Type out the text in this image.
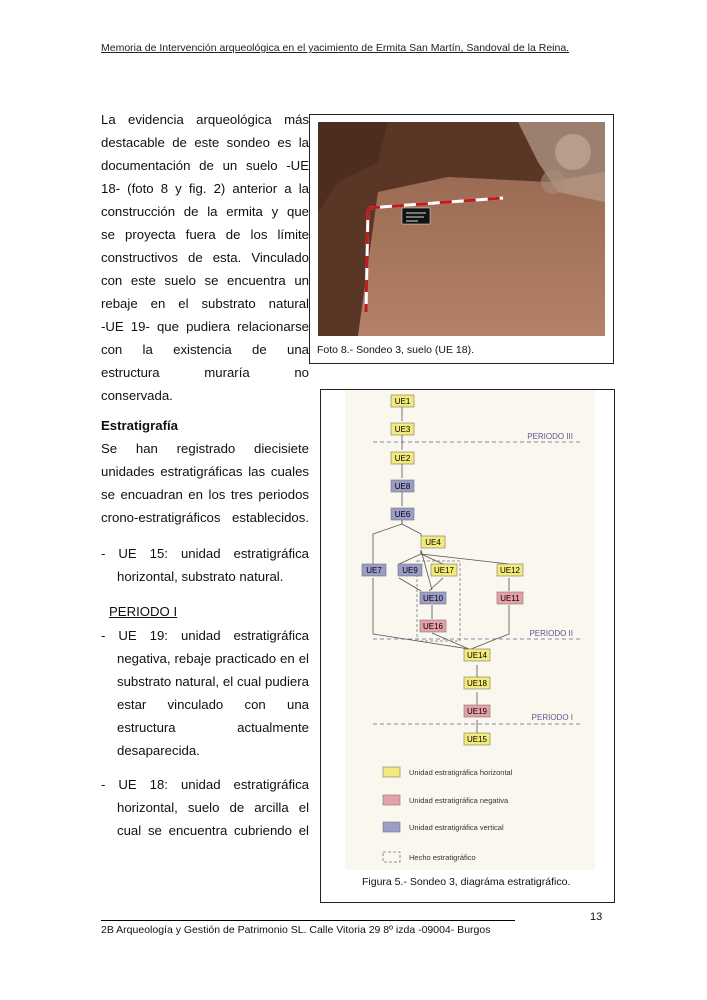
Memoria de Intervención arqueológica en el yacimiento de Ermita San Martín, Sandoval de la Reina.
La evidencia arqueológica más
destacable de este sondeo es la
documentación de un suelo -UE
18- (foto 8 y fig. 2) anterior a la
construcción de la ermita y que
se proyecta fuera de los límite
constructivos de esta. Vinculado
con este suelo se encuentra un
rebaje en el substrato natural
-UE 19- que pudiera relacionarse
con la existencia de una
estructura muraría no
conservada.
Estratigrafía
Se han registrado diecisiete
unidades estratigráficas las cuales
se encuadran en los tres periodos
crono-estratigráficos establecidos.
- UE 15: unidad estratigráfica
horizontal, substrato natural.
PERIODO I
- UE 19: unidad estratigráfica
negativa, rebaje practicado en el
substrato natural, el cual pudiera
estar vinculado con una
estructura actualmente
desaparecida.
- UE 18: unidad estratigráfica
horizontal, suelo de arcilla el
cual se encuentra cubriendo el
Foto 8.- Sondeo 3, suelo (UE 18).
PERIODO III
PERIODO II
PERIODO I
UE1
UE3
UE2
UE8
UE6
UE4
UE7	UE9 UE17	UE12
UE10	UE11
UE16
UE14
UE18
UE19
UE15
Unidad estratigráfica horizontal
Unidad estratigráfica negativa
Unidad estratigráfica vertical
Hecho estratigráfico
Figura 5.- Sondeo 3, diagráma estratigráfico.
13
2B Arqueología y Gestión de Patrimonio SL. Calle Vitoria 29 8º izda -09004- Burgos
